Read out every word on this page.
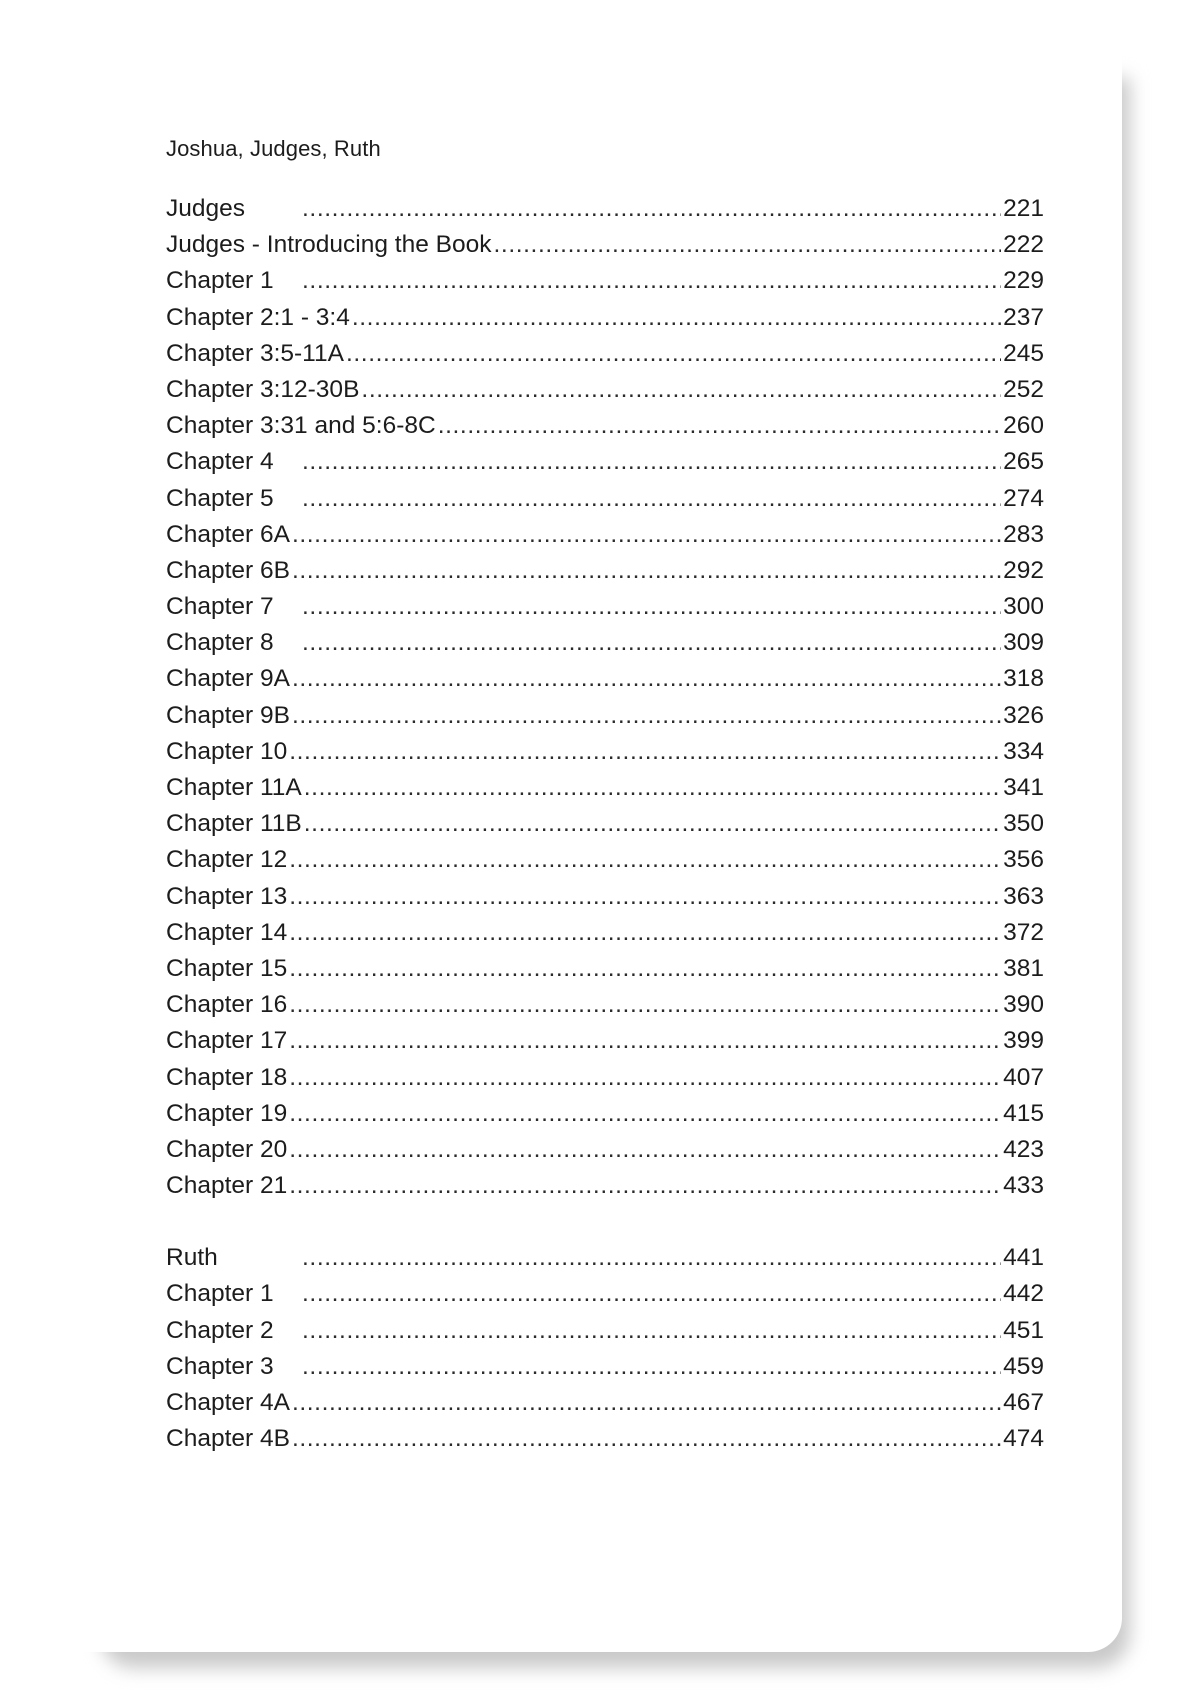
Joshua, Judges, Ruth
Judges .....	221
Judges - Introducing the Book .....	222
Chapter 1 .....	229
Chapter 2:1 - 3:4 .....	237
Chapter 3:5-11A .....	245
Chapter 3:12-30B .....	252
Chapter 3:31 and 5:6-8C .....	260
Chapter 4 .....	265
Chapter 5 .....	274
Chapter 6A .....	283
Chapter 6B .....	292
Chapter 7 .....	300
Chapter 8 .....	309
Chapter 9A .....	318
Chapter 9B .....	326
Chapter 10 .....	334
Chapter 11A .....	341
Chapter 11B .....	350
Chapter 12 .....	356
Chapter 13 .....	363
Chapter 14 .....	372
Chapter 15 .....	381
Chapter 16 .....	390
Chapter 17 .....	399
Chapter 18 .....	407
Chapter 19 .....	415
Chapter 20 .....	423
Chapter 21 .....	433
Ruth .....	441
Chapter 1 .....	442
Chapter 2 .....	451
Chapter 3 .....	459
Chapter 4A .....	467
Chapter 4B .....	474
